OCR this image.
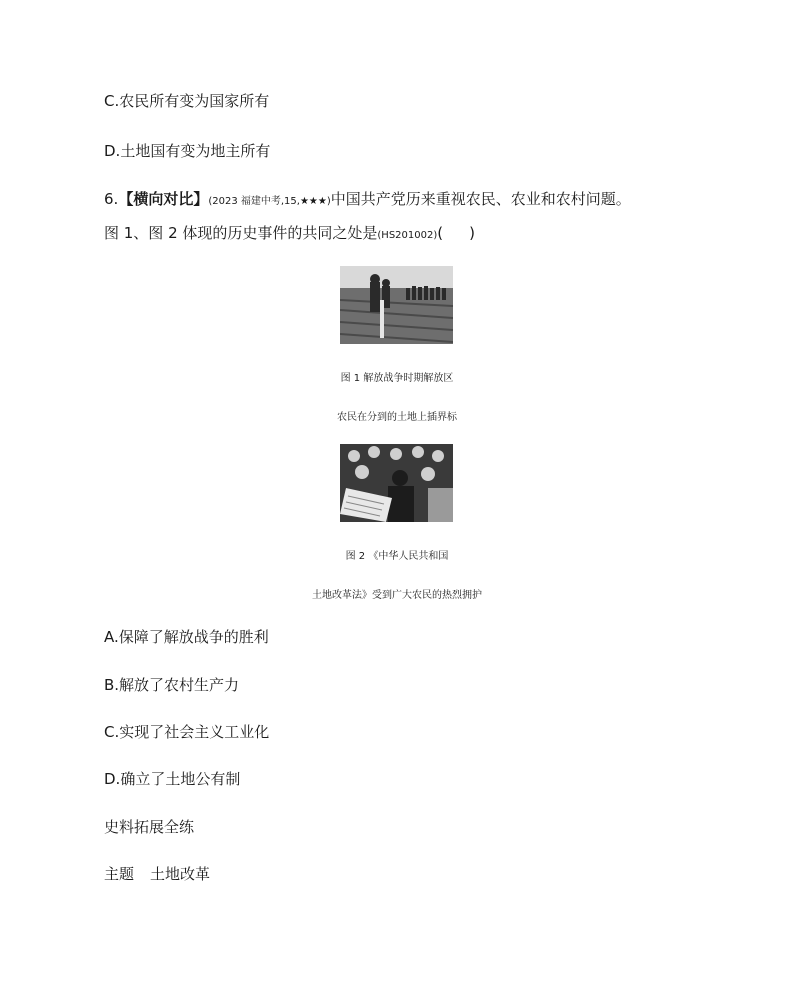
C.农民所有变为国家所有
D.土地国有变为地主所有
6.【横向对比】(2023 福建中考,15,★★★)中国共产党历来重视农民、农业和农村问题。
图 1、图 2 体现的历史事件的共同之处是(HS201002)( )
图 1 解放战争时期解放区
农民在分到的土地上插界标
图 2 《中华人民共和国
土地改革法》受到广大农民的热烈拥护
A.保障了解放战争的胜利
B.解放了农村生产力
C.实现了社会主义工业化
D.确立了土地公有制
史料拓展全练
主题 土地改革
